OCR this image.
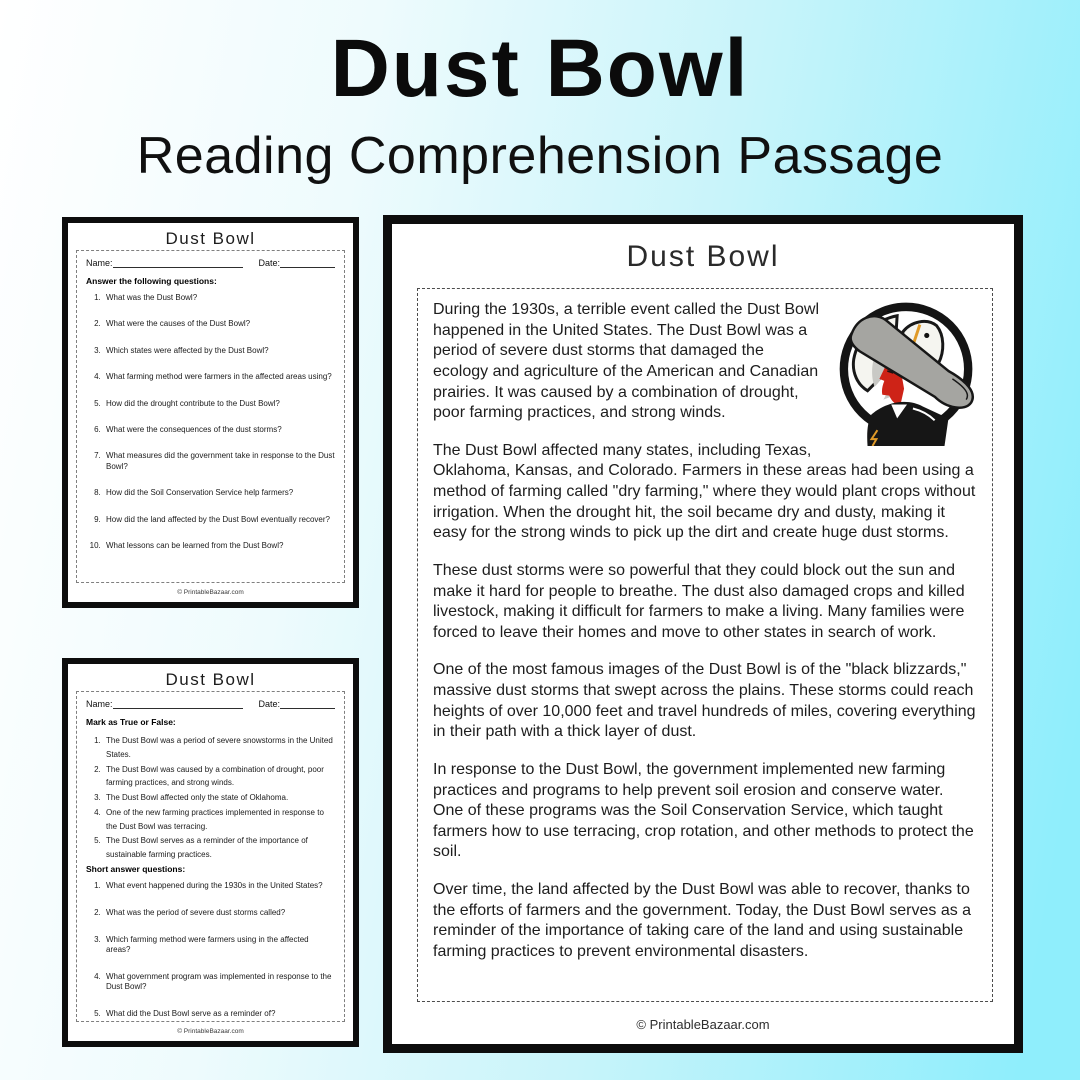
Dust Bowl
Reading Comprehension Passage
Dust Bowl
Name:	Date:
Answer the following questions:
1. What was the Dust Bowl?
2. What were the causes of the Dust Bowl?
3. Which states were affected by the Dust Bowl?
4. What farming method were farmers in the affected areas using?
5. How did the drought contribute to the Dust Bowl?
6. What were the consequences of the dust storms?
7. What measures did the government take in response to the Dust Bowl?
8. How did the Soil Conservation Service help farmers?
9. How did the land affected by the Dust Bowl eventually recover?
10. What lessons can be learned from the Dust Bowl?
© PrintableBazaar.com
Dust Bowl
Name:	Date:
Mark as True or False:
1. The Dust Bowl was a period of severe snowstorms in the United States.
2. The Dust Bowl was caused by a combination of drought, poor farming practices, and strong winds.
3. The Dust Bowl affected only the state of Oklahoma.
4. One of the new farming practices implemented in response to the Dust Bowl was terracing.
5. The Dust Bowl serves as a reminder of the importance of sustainable farming practices.
Short answer questions:
1. What event happened during the 1930s in the United States?
2. What was the period of severe dust storms called?
3. Which farming method were farmers using in the affected areas?
4. What government program was implemented in response to the Dust Bowl?
5. What did the Dust Bowl serve as a reminder of?
© PrintableBazaar.com
Dust Bowl

During the 1930s, a terrible event called the Dust Bowl happened in the United States. The Dust Bowl was a period of severe dust storms that damaged the ecology and agriculture of the American and Canadian prairies. It was caused by a combination of drought, poor farming practices, and strong winds.

The Dust Bowl affected many states, including Texas, Oklahoma, Kansas, and Colorado. Farmers in these areas had been using a method of farming called "dry farming," where they would plant crops without irrigation. When the drought hit, the soil became dry and dusty, making it easy for the strong winds to pick up the dirt and create huge dust storms.

These dust storms were so powerful that they could block out the sun and make it hard for people to breathe. The dust also damaged crops and killed livestock, making it difficult for farmers to make a living. Many families were forced to leave their homes and move to other states in search of work.

One of the most famous images of the Dust Bowl is of the "black blizzards," massive dust storms that swept across the plains. These storms could reach heights of over 10,000 feet and travel hundreds of miles, covering everything in their path with a thick layer of dust.

In response to the Dust Bowl, the government implemented new farming practices and programs to help prevent soil erosion and conserve water. One of these programs was the Soil Conservation Service, which taught farmers how to use terracing, crop rotation, and other methods to protect the soil.

Over time, the land affected by the Dust Bowl was able to recover, thanks to the efforts of farmers and the government. Today, the Dust Bowl serves as a reminder of the importance of taking care of the land and using sustainable farming practices to prevent environmental disasters.

© PrintableBazaar.com
